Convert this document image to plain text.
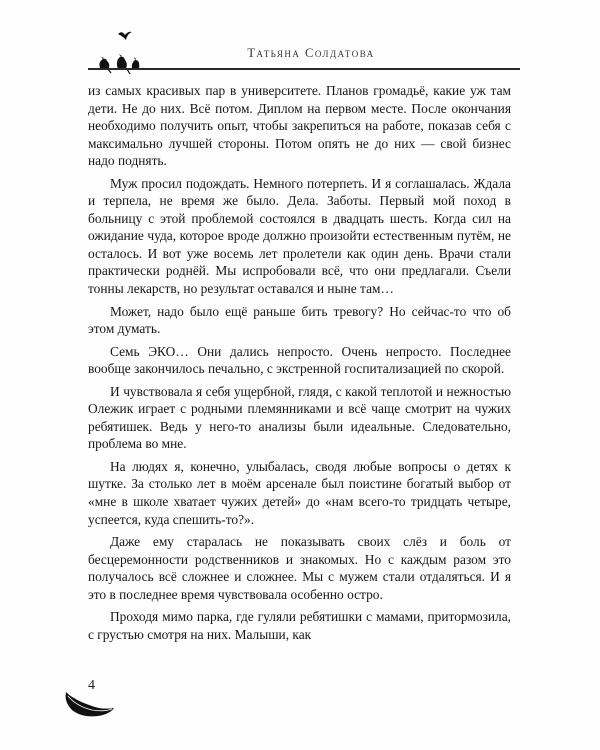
Татьяна Солдатова

из самых красивых пар в университете. Планов громадьё, какие уж там дети. Не до них. Всё потом. Диплом на первом месте. После окончания необходимо получить опыт, чтобы закрепиться на работе, показав себя с максимально лучшей стороны. Потом опять не до них — свой бизнес надо поднять.

Муж просил подождать. Немного потерпеть. И я соглашалась. Ждала и терпела, не время же было. Дела. Заботы. Первый мой поход в больницу с этой проблемой состоялся в двадцать шесть. Когда сил на ожидание чуда, которое вроде должно произойти естественным путём, не осталось. И вот уже восемь лет пролетели как один день. Врачи стали практически роднёй. Мы испробовали всё, что они предлагали. Съели тонны лекарств, но результат оставался и ныне там…

Может, надо было ещё раньше бить тревогу? Но сейчас-то что об этом думать.

Семь ЭКО… Они дались непросто. Очень непросто. Последнее вообще закончилось печально, с экстренной госпитализацией по скорой.

И чувствовала я себя ущербной, глядя, с какой теплотой и нежностью Олежик играет с родными племянниками и всё чаще смотрит на чужих ребятишек. Ведь у него-то анализы были идеальные. Следовательно, проблема во мне.

На людях я, конечно, улыбалась, сводя любые вопросы о детях к шутке. За столько лет в моём арсенале был поистине богатый выбор от «мне в школе хватает чужих детей» до «нам всего-то тридцать четыре, успеется, куда спешить-то?».

Даже ему старалась не показывать своих слёз и боль от бесцеремонности родственников и знакомых. Но с каждым разом это получалось всё сложнее и сложнее. Мы с мужем стали отдаляться. И я это в последнее время чувствовала особенно остро.

Проходя мимо парка, где гуляли ребятишки с мамами, притормозила, с грустью смотря на них. Малыши, как

4
